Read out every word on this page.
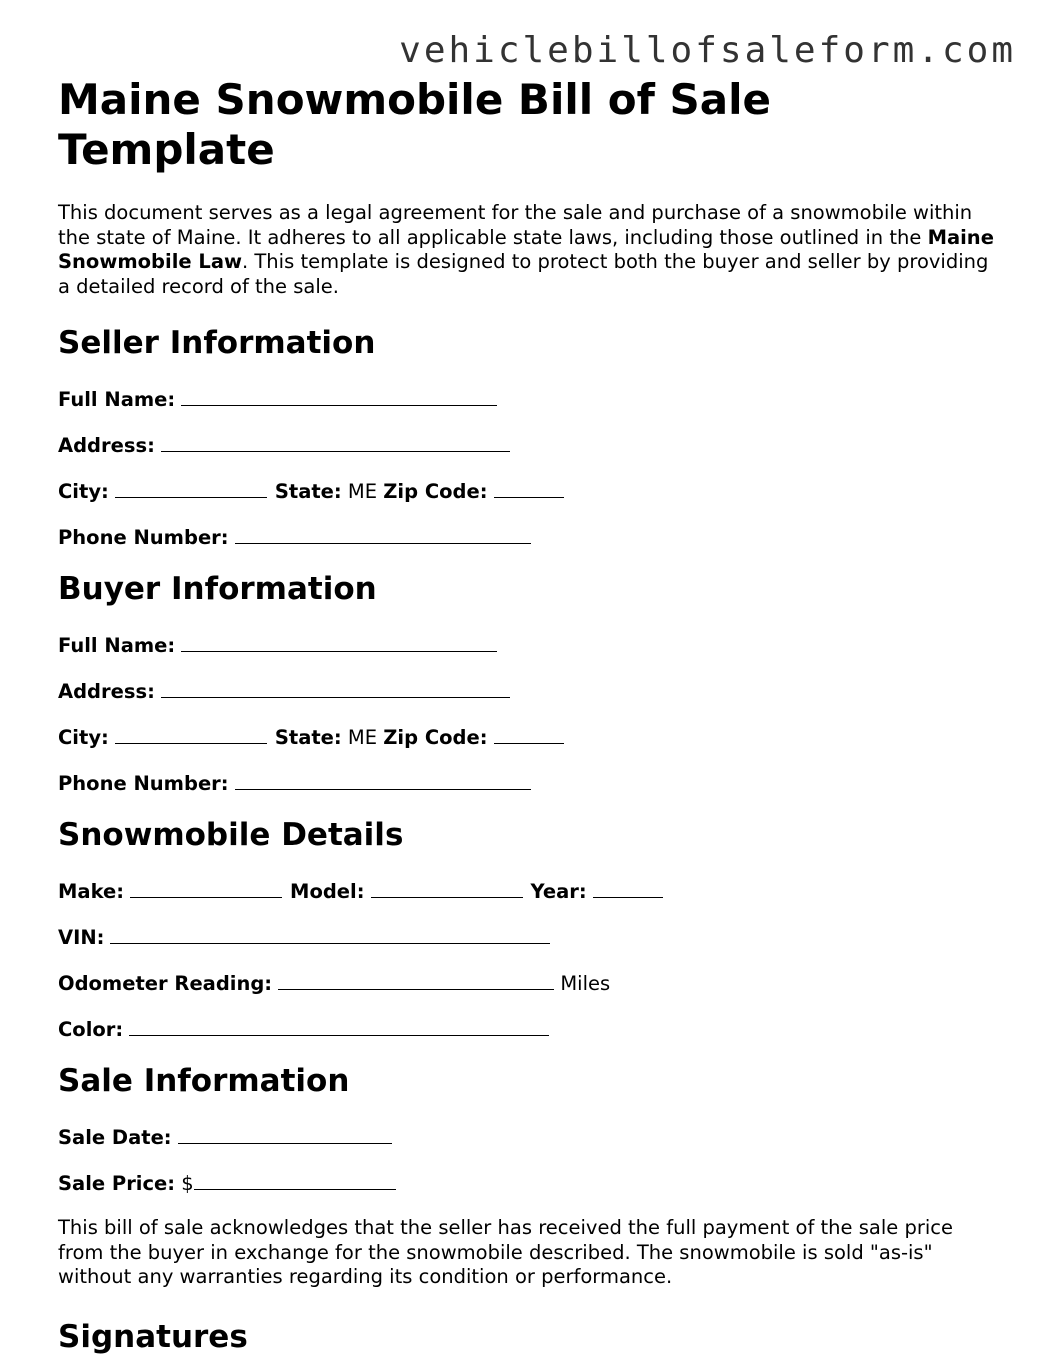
vehiclebillofsaleform.com
Maine Snowmobile Bill of Sale Template

This document serves as a legal agreement for the sale and purchase of a snowmobile within the state of Maine. It adheres to all applicable state laws, including those outlined in the Maine Snowmobile Law. This template is designed to protect both the buyer and seller by providing a detailed record of the sale.

Seller Information
Full Name:
Address:
City:	State: ME Zip Code:
Phone Number:
Buyer Information
Full Name:
Address:
City:	State: ME Zip Code:
Phone Number:
Snowmobile Details
Make:	Model:	Year:
VIN:
Odometer Reading:	Miles
Color:
Sale Information
Sale Date:
Sale Price: $

This bill of sale acknowledges that the seller has received the full payment of the sale price from the buyer in exchange for the snowmobile described. The snowmobile is sold "as-is" without any warranties regarding its condition or performance.

Signatures
